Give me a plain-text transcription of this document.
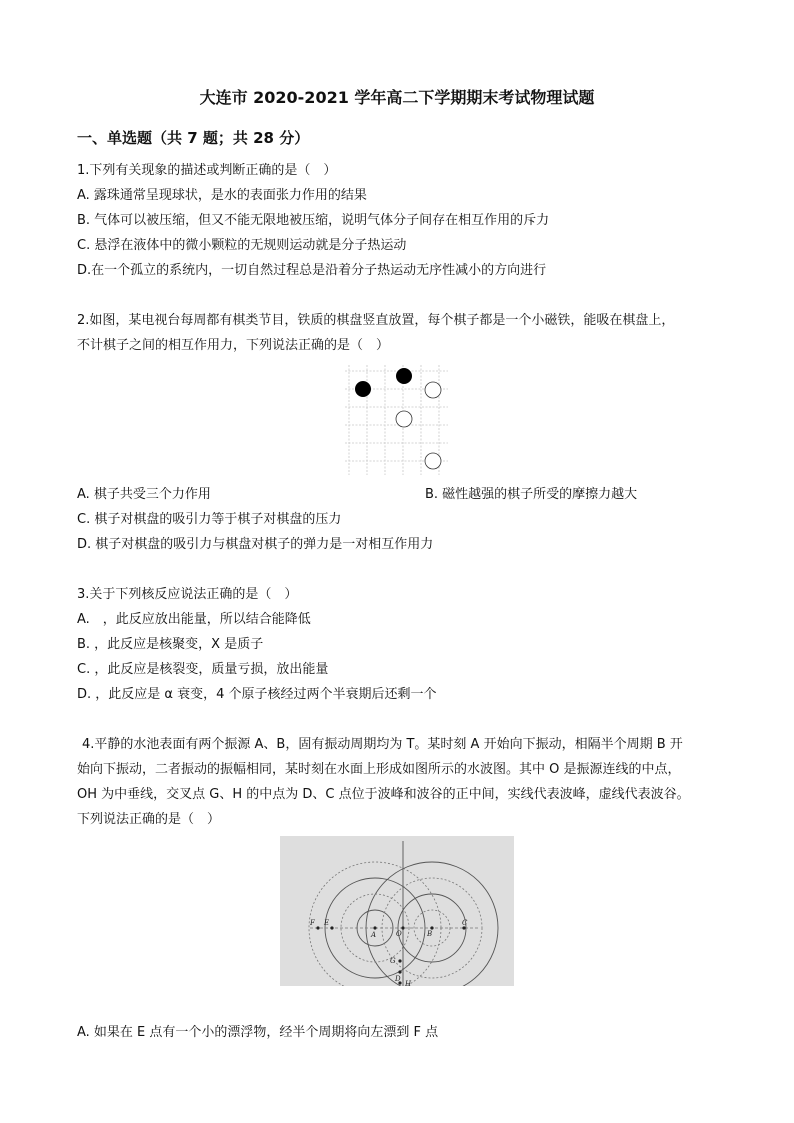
大连市 2020-2021 学年高二下学期期末考试物理试题
一、单选题（共 7 题；共 28 分）
1.下列有关现象的描述或判断正确的是（　）
A. 露珠通常呈现球状，是水的表面张力作用的结果
B. 气体可以被压缩，但又不能无限地被压缩，说明气体分子间存在相互作用的斥力
C. 悬浮在液体中的微小颗粒的无规则运动就是分子热运动
D.在一个孤立的系统内，一切自然过程总是沿着分子热运动无序性减小的方向进行
2.如图，某电视台每周都有棋类节目，铁质的棋盘竖直放置，每个棋子都是一个小磁铁，能吸在棋盘上，
不计棋子之间的相互作用力，下列说法正确的是（　）
A. 棋子共受三个力作用	B. 磁性越强的棋子所受的摩擦力越大
C. 棋子对棋盘的吸引力等于棋子对棋盘的压力
D. 棋子对棋盘的吸引力与棋盘对棋子的弹力是一对相互作用力
3.关于下列核反应说法正确的是（　）
A.　，此反应放出能量，所以结合能降低
B. ，此反应是核聚变，X 是质子
C. ，此反应是核裂变，质量亏损，放出能量
D. ，此反应是 α 衰变，4 个原子核经过两个半衰期后还剩一个
4.平静的水池表面有两个振源 A、B，固有振动周期均为 T。某时刻 A 开始向下振动，相隔半个周期 B 开
始向下振动，二者振动的振幅相同，某时刻在水面上形成如图所示的水波图。其中 O 是振源连线的中点，
OH 为中垂线，交叉点 G、H 的中点为 D、C 点位于波峰和波谷的正中间，实线代表波峰，虚线代表波谷。
下列说法正确的是（　）
F E
A	O	B
C
G
D
H
A. 如果在 E 点有一个小的漂浮物，经半个周期将向左漂到 F 点
